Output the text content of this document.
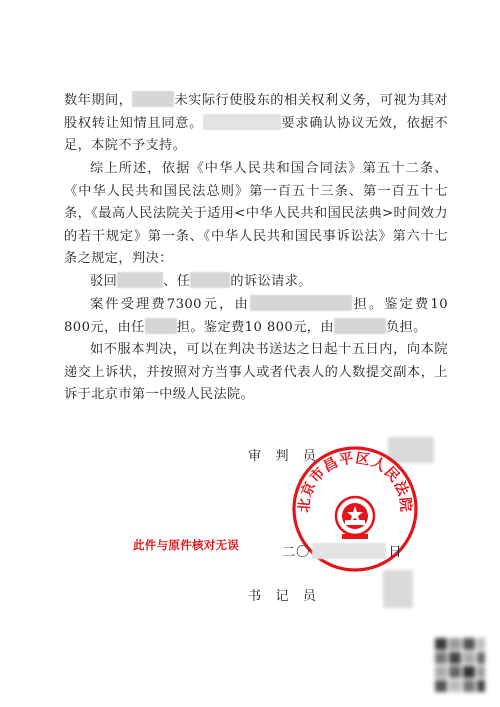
数年期间，	未实际行使股东的相关权利义务，可视为其对股权转让知情且同意。	要求确认协议无效，依据不足，本院不予支持。

综上所述，依据《中华人民共和国合同法》第五十二条、《中华人民共和国民法总则》第一百五十三条、第一百五十七条，《最高人民法院关于适用<中华人民共和国民法典>时间效力的若干规定》第一条、《中华人民共和国民事诉讼法》第六十七条之规定，判决：

驳回	、任	的诉讼请求。

案件受理费7300元，由	担。鉴定费10 800元，由任 担。鉴定费10 800元，由	负担。

如不服本判决，可以在判决书送达之日起十五日内，向本院递交上诉状，并按照对方当事人或者代表人的人数提交副本，上诉于北京市第一中级人民法院。

审　判　员
北京市昌平区人民法院
此件与原件核对无误	二〇	日
书　记　员
